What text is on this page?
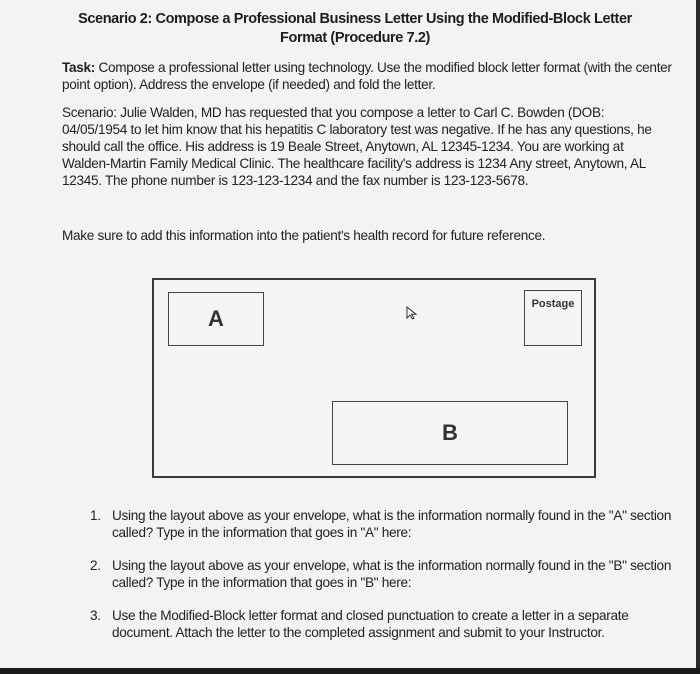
Scenario 2: Compose a Professional Business Letter Using the Modified-Block Letter
Format (Procedure 7.2)
Task: Compose a professional letter using technology. Use the modified block letter format (with the center point option). Address the envelope (if needed) and fold the letter.
Scenario: Julie Walden, MD has requested that you compose a letter to Carl C. Bowden (DOB: 04/05/1954 to let him know that his hepatitis C laboratory test was negative. If he has any questions, he should call the office. His address is 19 Beale Street, Anytown, AL 12345-1234. You are working at Walden-Martin Family Medical Clinic. The healthcare facility's address is 1234 Any street, Anytown, AL 12345. The phone number is 123-123-1234 and the fax number is 123-123-5678.
Make sure to add this information into the patient's health record for future reference.
A
Postage
B
1. Using the layout above as your envelope, what is the information normally found in the "A" section called? Type in the information that goes in "A" here:
2. Using the layout above as your envelope, what is the information normally found in the "B" section called? Type in the information that goes in "B" here:
3. Use the Modified-Block letter format and closed punctuation to create a letter in a separate document. Attach the letter to the completed assignment and submit to your Instructor.
